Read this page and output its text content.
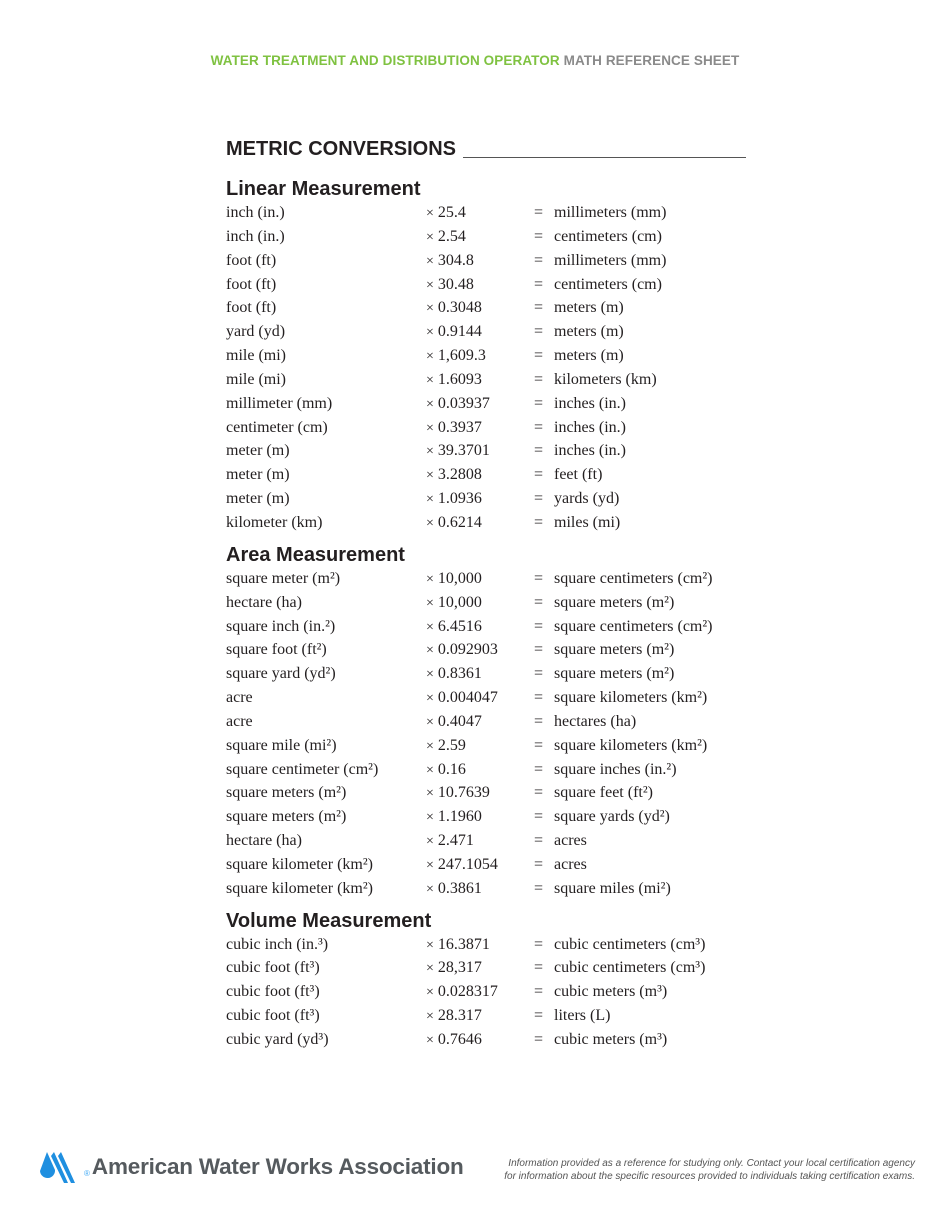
WATER TREATMENT AND DISTRIBUTION OPERATOR MATH REFERENCE SHEET
METRIC CONVERSIONS
Linear Measurement
inch (in.)	× 25.4	= millimeters (mm)
inch (in.)	× 2.54	= centimeters (cm)
foot (ft)	× 304.8	= millimeters (mm)
foot (ft)	× 30.48	= centimeters (cm)
foot (ft)	× 0.3048	= meters (m)
yard (yd)	× 0.9144	= meters (m)
mile (mi)	× 1,609.3	= meters (m)
mile (mi)	× 1.6093	= kilometers (km)
millimeter (mm)	× 0.03937	= inches (in.)
centimeter (cm)	× 0.3937	= inches (in.)
meter (m)	× 39.3701	= inches (in.)
meter (m)	× 3.2808	= feet (ft)
meter (m)	× 1.0936	= yards (yd)
kilometer (km)	× 0.6214	= miles (mi)
Area Measurement
square meter (m²)	× 10,000	= square centimeters (cm²)
hectare (ha)	× 10,000	= square meters (m²)
square inch (in.²)	× 6.4516	= square centimeters (cm²)
square foot (ft²)	× 0.092903	= square meters (m²)
square yard (yd²)	× 0.8361	= square meters (m²)
acre	× 0.004047	= square kilometers (km²)
acre	× 0.4047	= hectares (ha)
square mile (mi²)	× 2.59	= square kilometers (km²)
square centimeter (cm²)	× 0.16	= square inches (in.²)
square meters (m²)	× 10.7639	= square feet (ft²)
square meters (m²)	× 1.1960	= square yards (yd²)
hectare (ha)	× 2.471	= acres
square kilometer (km²)	× 247.1054	= acres
square kilometer (km²)	× 0.3861	= square miles (mi²)
Volume Measurement
cubic inch (in.³)	× 16.3871	= cubic centimeters (cm³)
cubic foot (ft³)	× 28,317	= cubic centimeters (cm³)
cubic foot (ft³)	× 0.028317	= cubic meters (m³)
cubic foot (ft³)	× 28.317	= liters (L)
cubic yard (yd³)	× 0.7646	= cubic meters (m³)
® American Water Works Association	Information provided as a reference for studying only. Contact your local certification agency
for information about the specific resources provided to individuals taking certification exams.
